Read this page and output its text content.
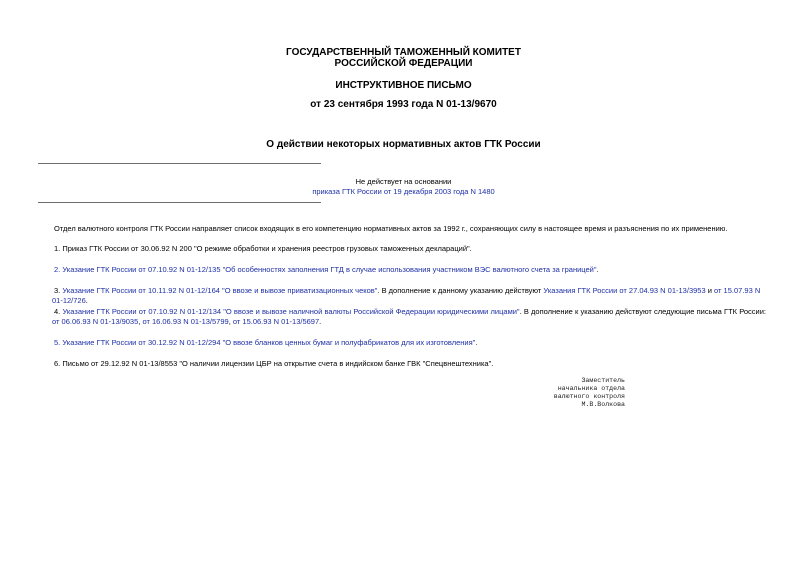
ГОСУДАРСТВЕННЫЙ ТАМОЖЕННЫЙ КОМИТЕТ
РОССИЙСКОЙ ФЕДЕРАЦИИ
ИНСТРУКТИВНОЕ ПИСЬМО
от 23 сентября 1993 года N 01-13/9670
О действии некоторых нормативных актов ГТК России
Не действует на основании
приказа ГТК России от 19 декабря 2003 года N 1480
Отдел валютного контроля ГТК России направляет список входящих в его компетенцию нормативных актов за 1992 г., сохраняющих силу в настоящее время и разъяснения по их применению.
1. Приказ ГТК России от 30.06.92 N 200 "О режиме обработки и хранения реестров грузовых таможенных деклараций".
2. Указание ГТК России от 07.10.92 N 01-12/135 "Об особенностях заполнения ГТД в случае использования участником ВЭС валютного счета за границей".
3. Указание ГТК России от 10.11.92 N 01-12/164 "О ввозе и вывозе приватизационных чеков". В дополнение к данному указанию действуют Указания ГТК России от 27.04.93 N 01-13/3953 и от 15.07.93 N 01-12/726.
4. Указание ГТК России от 07.10.92 N 01-12/134 "О ввозе и вывозе наличной валюты Российской Федерации юридическими лицами". В дополнение к указанию действуют следующие письма ГТК России: от 06.06.93 N 01-13/9035, от 16.06.93 N 01-13/5799, от 15.06.93 N 01-13/5697.
5. Указание ГТК России от 30.12.92 N 01-12/294 "О ввозе бланков ценных бумаг и полуфабрикатов для их изготовления".
6. Письмо от 29.12.92 N 01-13/8553 "О наличии лицензии ЦБР на открытие счета в индийском банке ГВК "Спецвнештехника".
Заместитель
начальника отдела
валютного контроля
М.В.Волкова
